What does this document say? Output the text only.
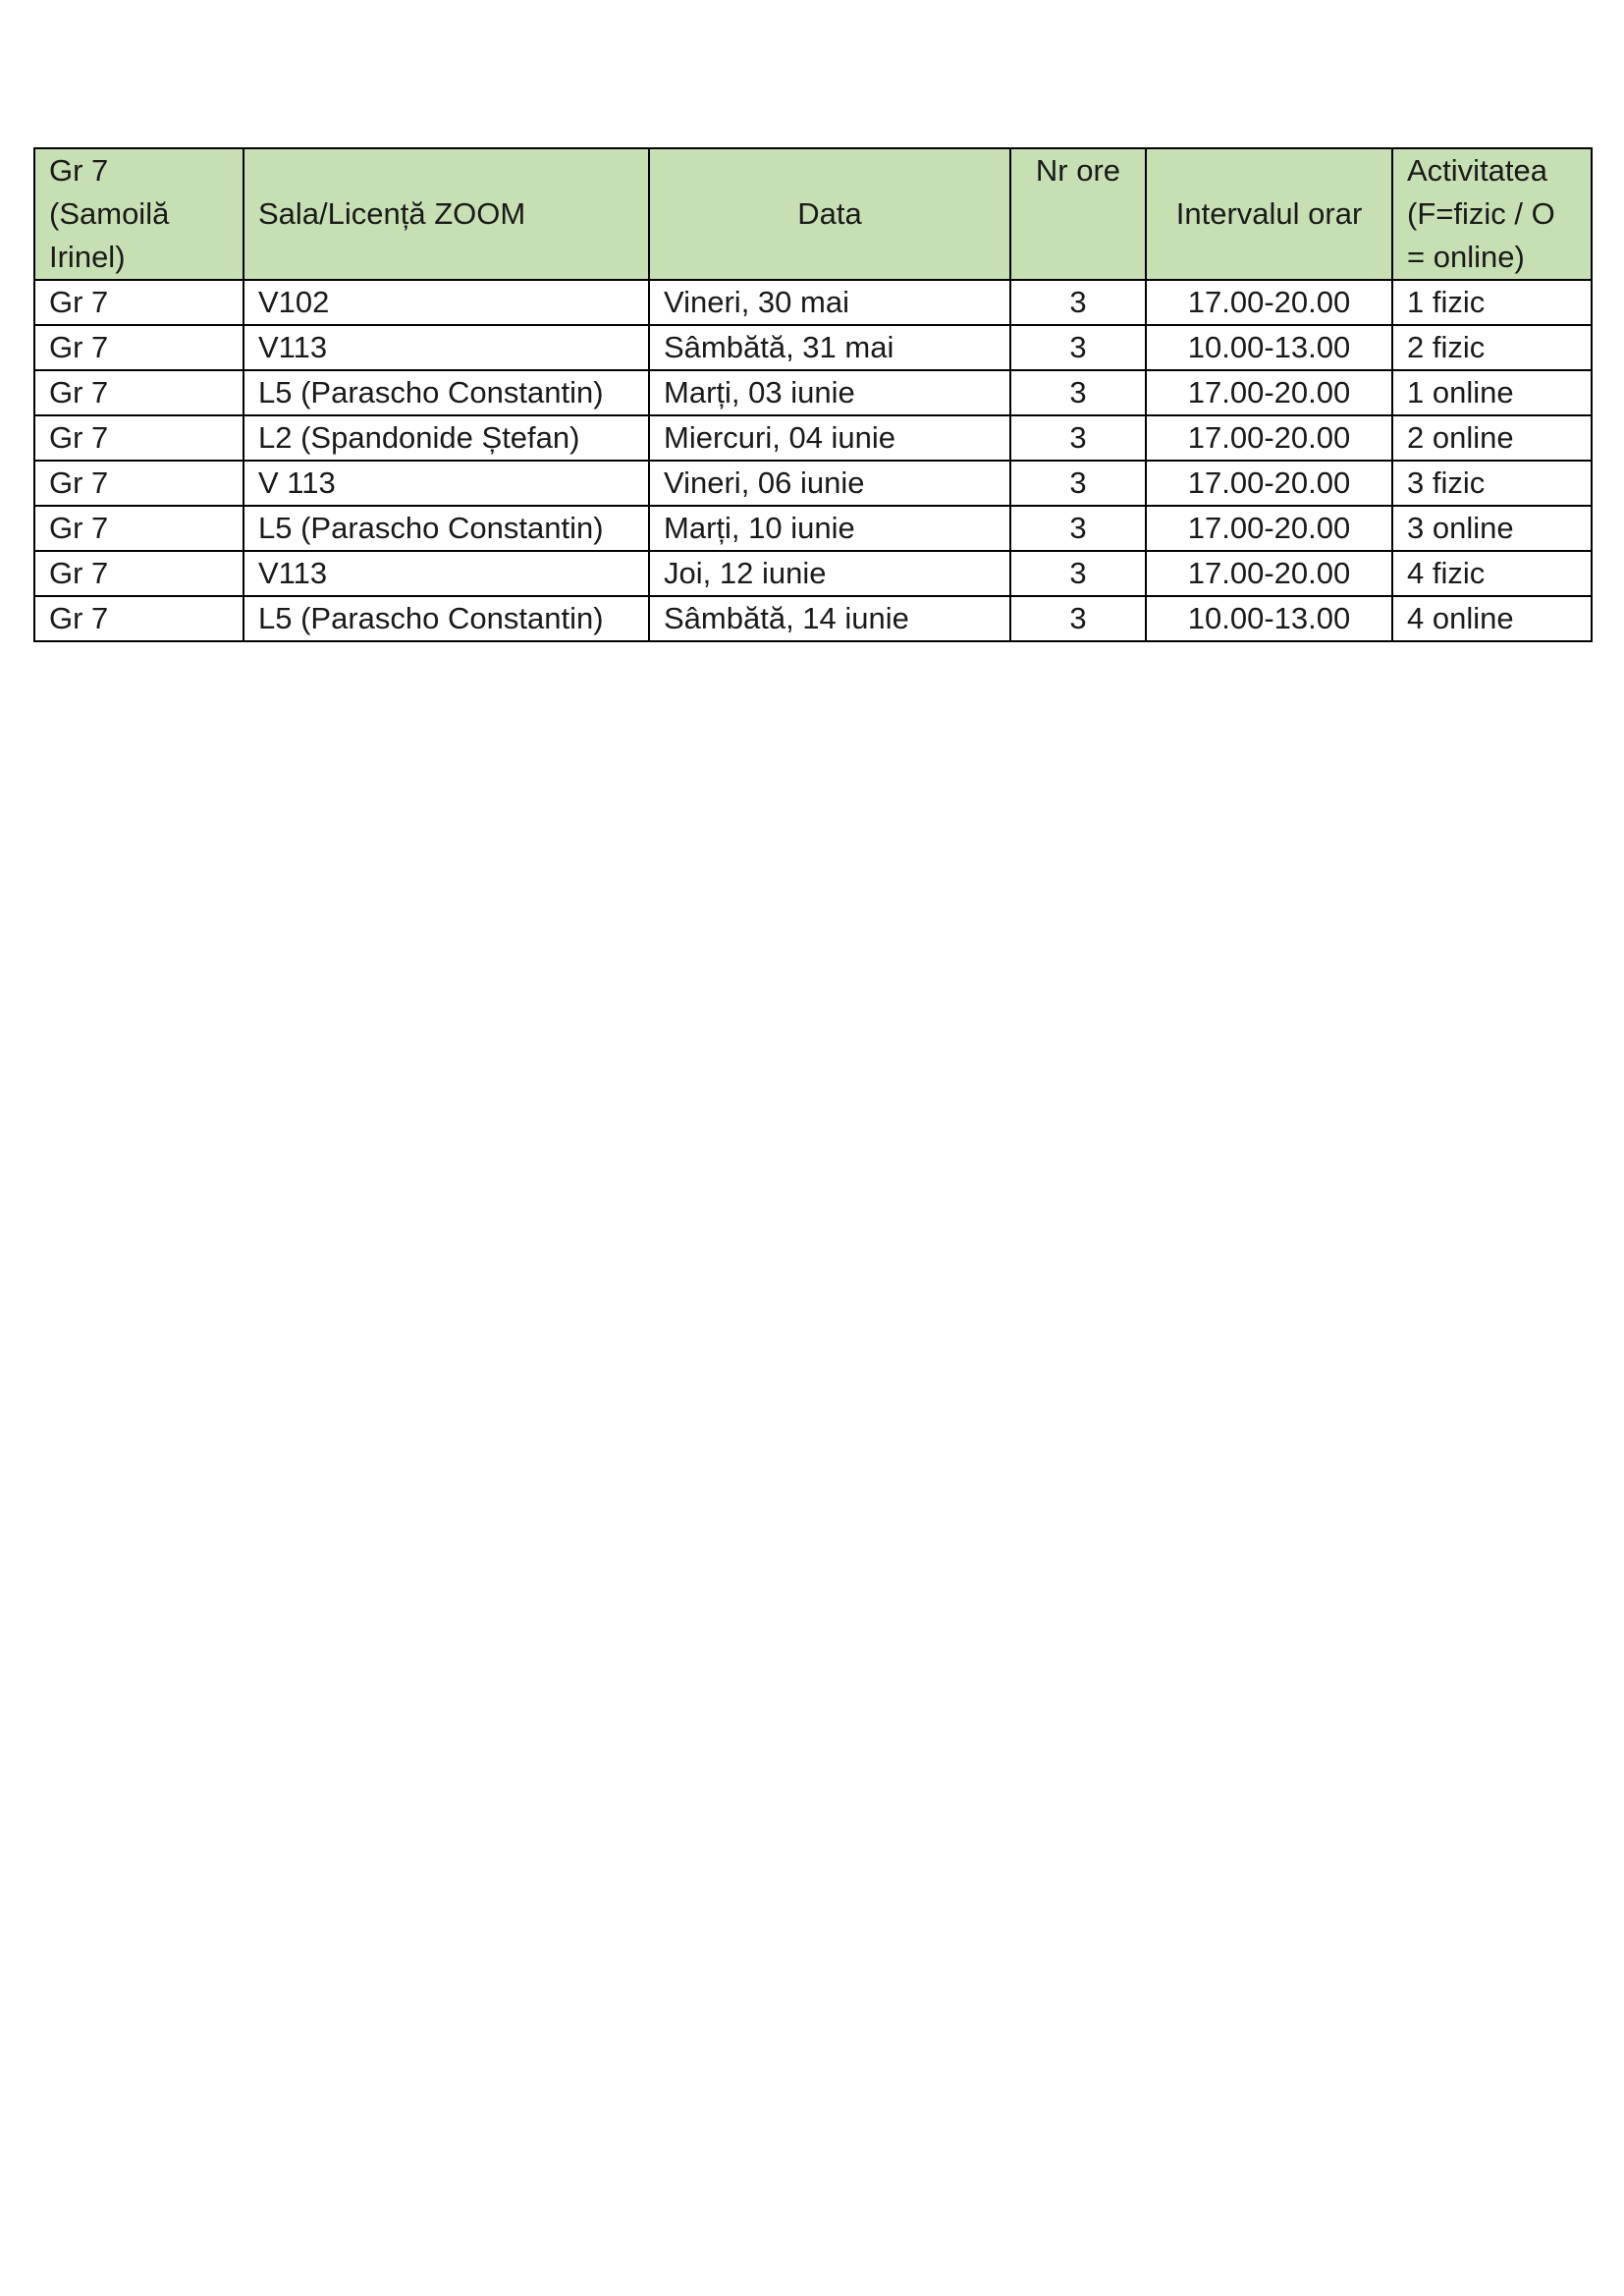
Gr 7 (Samoilă Irinel)	Sala/Licență ZOOM	Data	Nr ore	Intervalul orar	Activitatea (F=fizic / O = online)
Gr 7	V102	Vineri, 30 mai	3	17.00-20.00	1 fizic
Gr 7	V113	Sâmbătă, 31 mai	3	10.00-13.00	2 fizic
Gr 7	L5 (Parascho Constantin)	Marți, 03 iunie	3	17.00-20.00	1 online
Gr 7	L2 (Spandonide Ștefan)	Miercuri, 04 iunie	3	17.00-20.00	2 online
Gr 7	V 113	Vineri, 06 iunie	3	17.00-20.00	3 fizic
Gr 7	L5 (Parascho Constantin)	Marți, 10 iunie	3	17.00-20.00	3 online
Gr 7	V113	Joi, 12 iunie	3	17.00-20.00	4 fizic
Gr 7	L5 (Parascho Constantin)	Sâmbătă, 14 iunie	3	10.00-13.00	4 online
